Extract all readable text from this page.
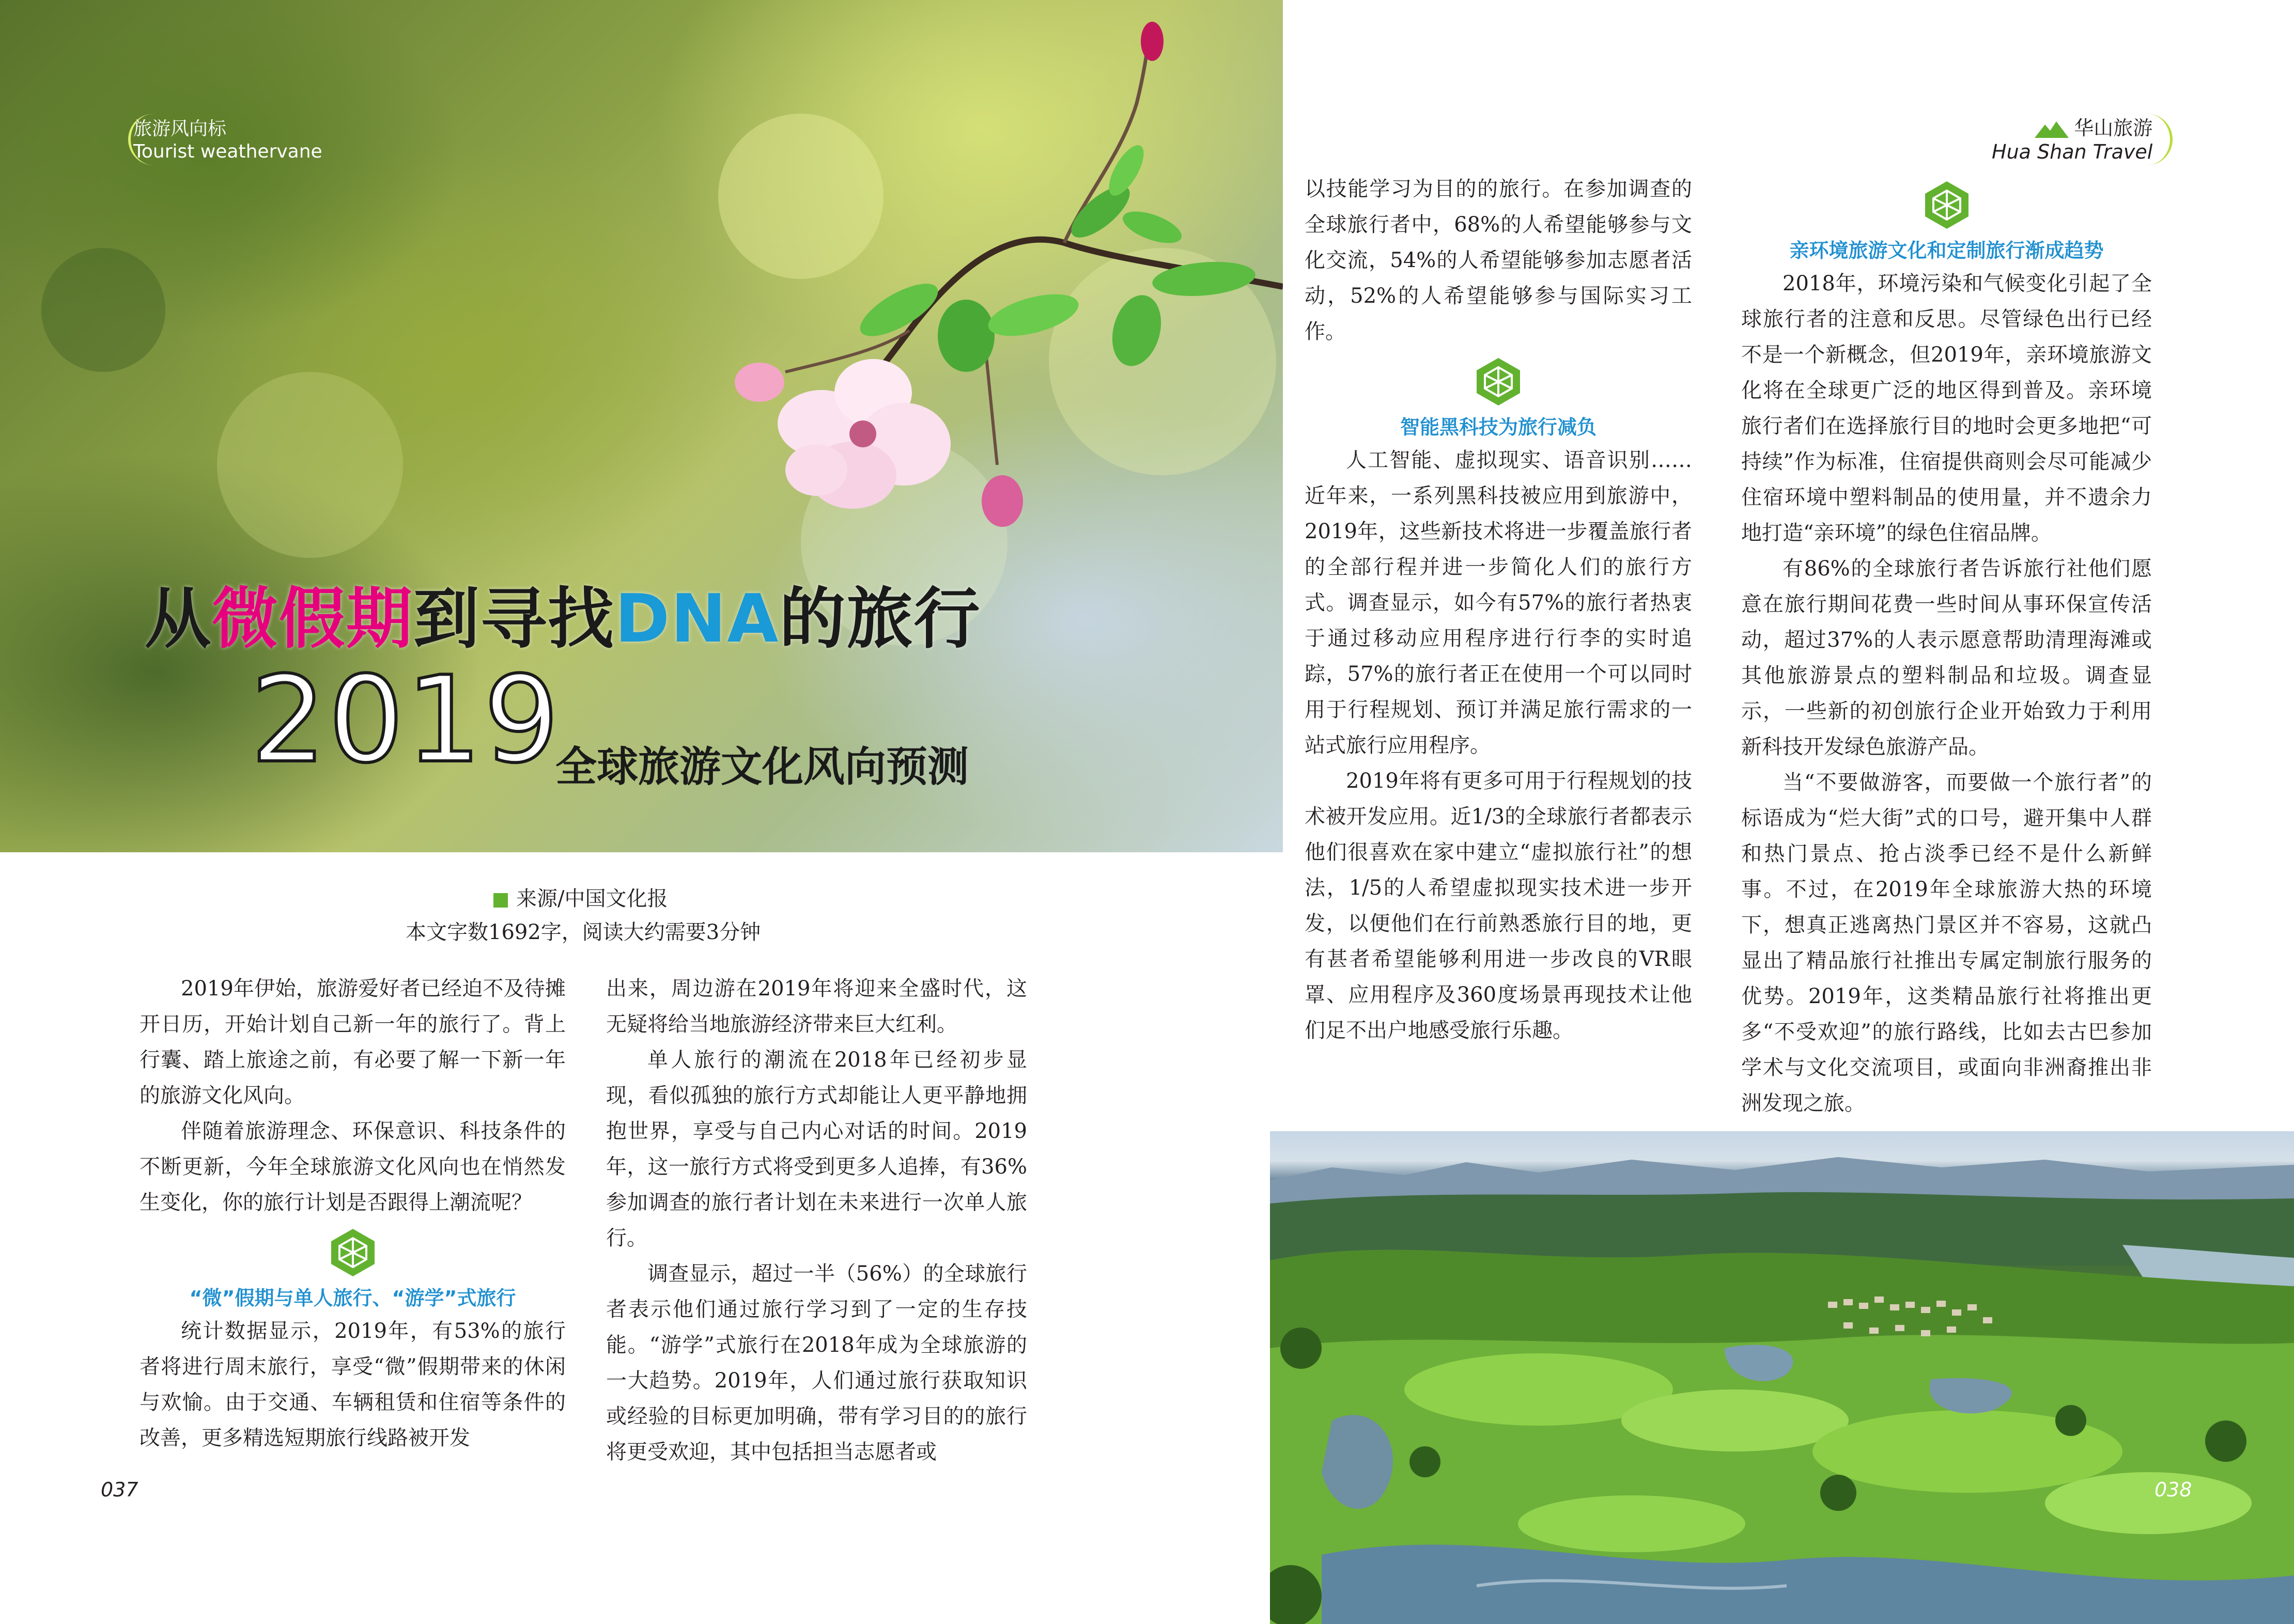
旅游风向标
Tourist weathervane
从微假期到寻找DNA的旅行
2019
全球旅游文化风向预测
来源/中国文化报
本文字数1692字，阅读大约需要3分钟

2019年伊始，旅游爱好者已经迫不及待摊开日历，开始计划自己新一年的旅行了。背上行囊、踏上旅途之前，有必要了解一下新一年的旅游文化风向。

伴随着旅游理念、环保意识、科技条件的不断更新，今年全球旅游文化风向也在悄然发生变化，你的旅行计划是否跟得上潮流呢？

“微”假期与单人旅行、“游学”式旅行

统计数据显示，2019年，有53%的旅行者将进行周末旅行，享受“微”假期带来的休闲与欢愉。由于交通、车辆租赁和住宿等条件的改善，更多精选短期旅行线路被开发

出来，周边游在2019年将迎来全盛时代，这无疑将给当地旅游经济带来巨大红利。

单人旅行的潮流在2018年已经初步显现，看似孤独的旅行方式却能让人更平静地拥抱世界，享受与自己内心对话的时间。2019年，这一旅行方式将受到更多人追捧，有36%参加调查的旅行者计划在未来进行一次单人旅行。

调查显示，超过一半（56%）的全球旅行者表示他们通过旅行学习到了一定的生存技能。“游学”式旅行在2018年成为全球旅游的一大趋势。2019年，人们通过旅行获取知识或经验的目标更加明确，带有学习目的的旅行将更受欢迎，其中包括担当志愿者或

华山旅游
Hua Shan Travel

以技能学习为目的的旅行。在参加调查的全球旅行者中，68%的人希望能够参与文化交流，54%的人希望能够参加志愿者活动，52%的人希望能够参与国际实习工作。

智能黑科技为旅行减负

人工智能、虚拟现实、语音识别……近年来，一系列黑科技被应用到旅游中，2019年，这些新技术将进一步覆盖旅行者的全部行程并进一步简化人们的旅行方式。调查显示，如今有57%的旅行者热衷于通过移动应用程序进行行李的实时追踪，57%的旅行者正在使用一个可以同时用于行程规划、预订并满足旅行需求的一站式旅行应用程序。

2019年将有更多可用于行程规划的技术被开发应用。近1/3的全球旅行者都表示他们很喜欢在家中建立“虚拟旅行社”的想法，1/5的人希望虚拟现实技术进一步开发，以便他们在行前熟悉旅行目的地，更有甚者希望能够利用进一步改良的VR眼罩、应用程序及360度场景再现技术让他们足不出户地感受旅行乐趣。

亲环境旅游文化和定制旅行渐成趋势

2018年，环境污染和气候变化引起了全球旅行者的注意和反思。尽管绿色出行已经不是一个新概念，但2019年，亲环境旅游文化将在全球更广泛的地区得到普及。亲环境旅行者们在选择旅行目的地时会更多地把“可持续”作为标准，住宿提供商则会尽可能减少住宿环境中塑料制品的使用量，并不遗余力地打造“亲环境”的绿色住宿品牌。

有86%的全球旅行者告诉旅行社他们愿意在旅行期间花费一些时间从事环保宣传活动，超过37%的人表示愿意帮助清理海滩或其他旅游景点的塑料制品和垃圾。调查显示，一些新的初创旅行企业开始致力于利用新科技开发绿色旅游产品。

当“不要做游客，而要做一个旅行者”的标语成为“烂大街”式的口号，避开集中人群和热门景点、抢占淡季已经不是什么新鲜事。不过，在2019年全球旅游大热的环境下，想真正逃离热门景区并不容易，这就凸显出了精品旅行社推出专属定制旅行服务的优势。2019年，这类精品旅行社将推出更多“不受欢迎”的旅行路线，比如去古巴参加学术与文化交流项目，或面向非洲裔推出非洲发现之旅。

037	038
